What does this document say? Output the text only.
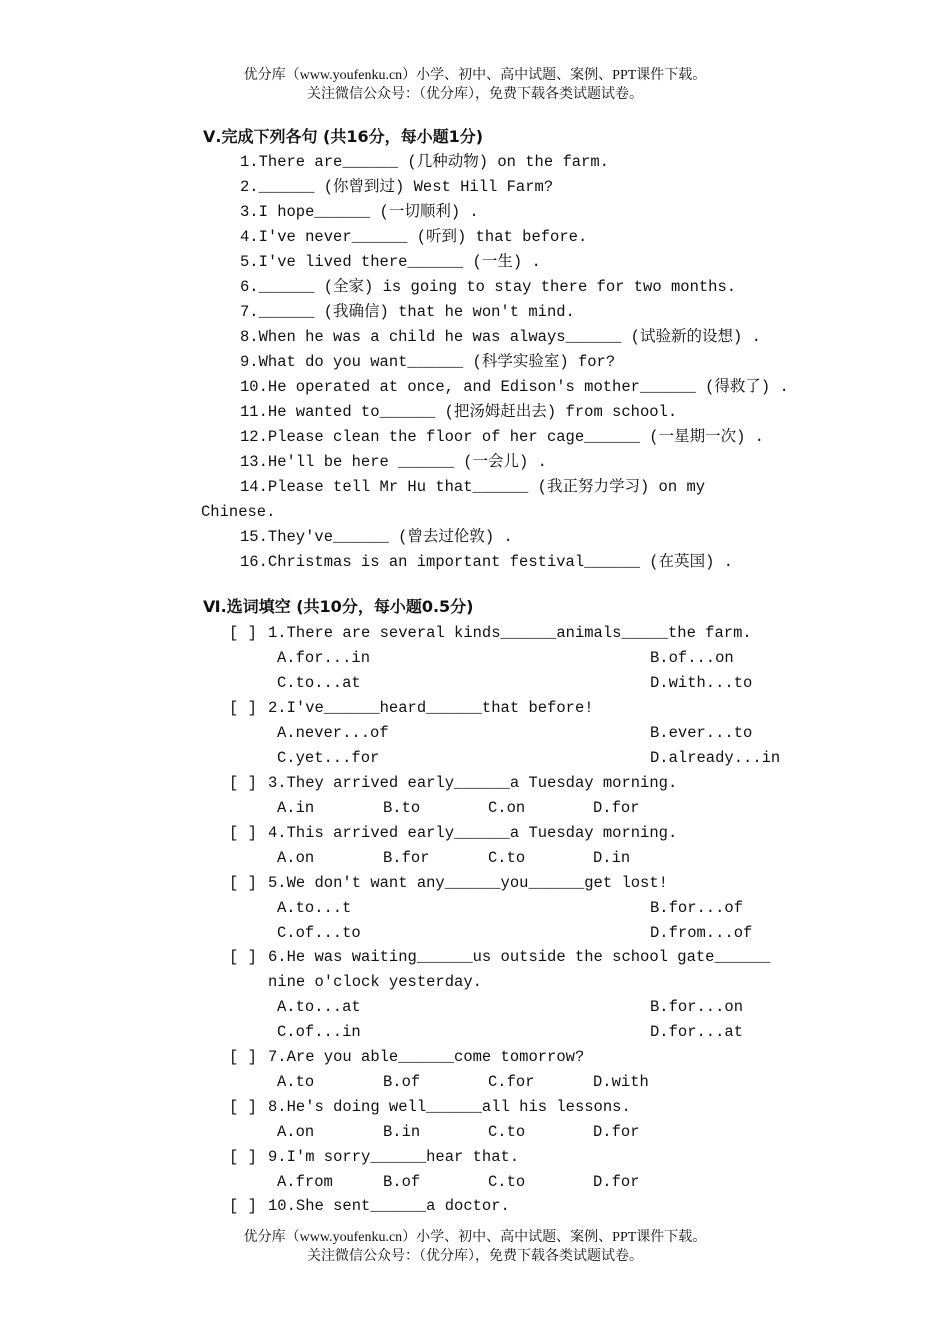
优分库（www.youfenku.cn）小学、初中、高中试题、案例、PPT课件下载。
关注微信公众号：（优分库），免费下载各类试题试卷。
Ⅴ.完成下列各句 (共16分，每小题1分)
1.There are______ (几种动物) on the farm.
2.______ (你曾到过) West Hill Farm?
3.I hope______ (一切顺利) .
4.I've never______ (听到) that before.
5.I've lived there______ (一生) .
6.______ (全家) is going to stay there for two months.
7.______ (我确信) that he won't mind.
8.When he was a child he was always______ (试验新的设想) .
9.What do you want______ (科学实验室) for?
10.He operated at once, and Edison's mother______ (得救了) .
11.He wanted to______ (把汤姆赶出去) from school.
12.Please clean the floor of her cage______ (一星期一次) .
13.He'll be here ______ (一会儿) .
14.Please tell Mr Hu that______ (我正努力学习) on my
Chinese.
15.They've______ (曾去过伦敦) .
16.Christmas is an important festival______ (在英国) .
Ⅵ.选词填空 (共10分，每小题0.5分)
[ ] 1.There are several kinds______animals_____the farm.
A.for...in	B.of...on
C.to...at	D.with...to
[ ] 2.I've______heard______that before!
A.never...of	B.ever...to
C.yet...for	D.already...in
[ ] 3.They arrived early______a Tuesday morning.
A.in	B.to	C.on	D.for
[ ] 4.This arrived early______a Tuesday morning.
A.on	B.for	C.to	D.in
[ ] 5.We don't want any______you______get lost!
A.to...t	B.for...of
C.of...to	D.from...of
[ ] 6.He was waiting______us outside the school gate______
nine o'clock yesterday.
A.to...at	B.for...on
C.of...in	D.for...at
[ ] 7.Are you able______come tomorrow?
A.to	B.of	C.for	D.with
[ ] 8.He's doing well______all his lessons.
A.on	B.in	C.to	D.for
[ ] 9.I'm sorry______hear that.
A.from	B.of	C.to	D.for
[ ] 10.She sent______a doctor.
优分库（www.youfenku.cn）小学、初中、高中试题、案例、PPT课件下载。
关注微信公众号：（优分库），免费下载各类试题试卷。
